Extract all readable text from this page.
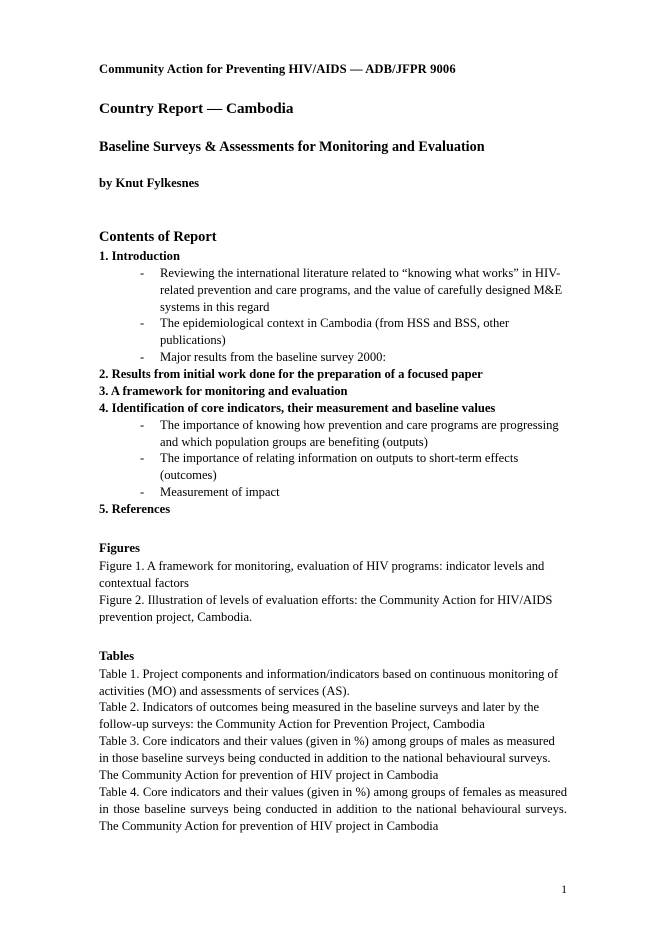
Community Action for Preventing HIV/AIDS — ADB/JFPR 9006
Country Report — Cambodia
Baseline Surveys & Assessments for Monitoring and Evaluation
by Knut Fylkesnes
Contents of Report
1. Introduction
- Reviewing the international literature related to “knowing what works” in HIV-related prevention and care programs, and the value of carefully designed M&E systems in this regard
- The epidemiological context in Cambodia (from HSS and BSS, other publications)
- Major results from the baseline survey 2000:
2. Results from initial work done for the preparation of a focused paper
3. A framework for monitoring and evaluation
4. Identification of core indicators, their measurement and baseline values
- The importance of knowing how prevention and care programs are progressing and which population groups are benefiting (outputs)
- The importance of relating information on outputs to short-term effects (outcomes)
- Measurement of impact
5. References
Figures

Figure 1. A framework for monitoring, evaluation of HIV programs: indicator levels and contextual factors

Figure 2. Illustration of levels of evaluation efforts: the Community Action for HIV/AIDS prevention project, Cambodia.

Tables

Table 1. Project components and information/indicators based on continuous monitoring of activities (MO) and assessments of services (AS).

Table 2. Indicators of outcomes being measured in the baseline surveys and later by the follow-up surveys: the Community Action for Prevention Project, Cambodia

Table 3. Core indicators and their values (given in %) among groups of males as measured in those baseline surveys being conducted in addition to the national behavioural surveys. The Community Action for prevention of HIV project in Cambodia

Table 4. Core indicators and their values (given in %) among groups of females as measured in those baseline surveys being conducted in addition to the national behavioural surveys. The Community Action for prevention of HIV project in Cambodia

1
